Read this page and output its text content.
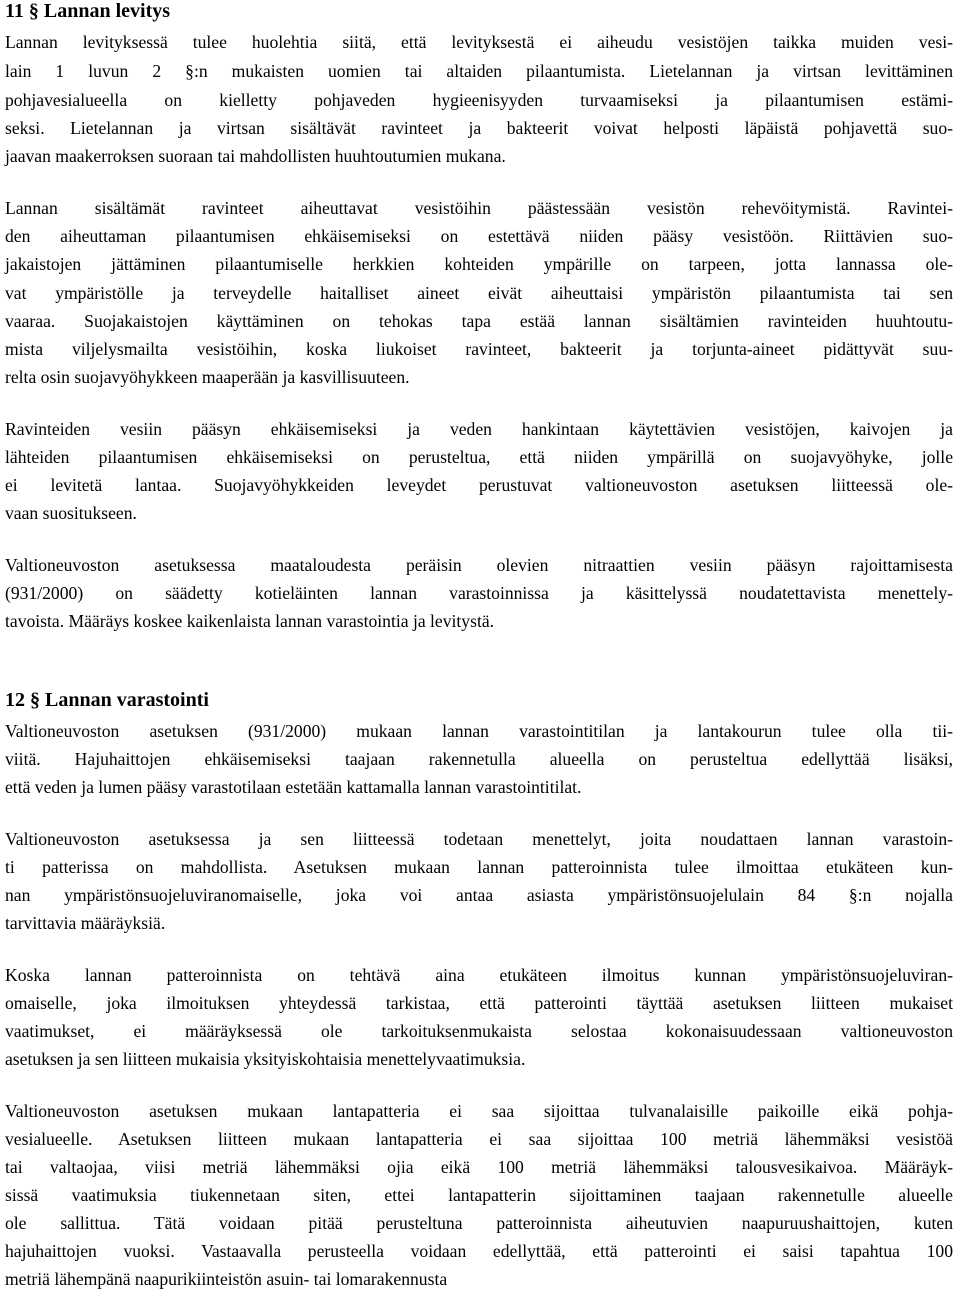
11 § Lannan levitys
Lannan levityksessä tulee huolehtia siitä, että levityksestä ei aiheudu vesistöjen taikka muiden vesi-
lain 1 luvun 2 §:n mukaisten uomien tai altaiden pilaantumista. Lietelannan ja virtsan levittäminen
pohjavesialueella on kielletty pohjaveden hygieenisyyden turvaamiseksi ja pilaantumisen estämi-
seksi. Lietelannan ja virtsan sisältävät ravinteet ja bakteerit voivat helposti läpäistä pohjavettä suo-
jaavan maakerroksen suoraan tai mahdollisten huuhtoutumien mukana.
Lannan sisältämät ravinteet aiheuttavat vesistöihin päästessään vesistön rehevöitymistä. Ravintei-
den aiheuttaman pilaantumisen ehkäisemiseksi on estettävä niiden pääsy vesistöön. Riittävien suo-
jakaistojen jättäminen pilaantumiselle herkkien kohteiden ympärille on tarpeen, jotta lannassa ole-
vat ympäristölle ja terveydelle haitalliset aineet eivät aiheuttaisi ympäristön pilaantumista tai sen
vaaraa. Suojakaistojen käyttäminen on tehokas tapa estää lannan sisältämien ravinteiden huuhtoutu-
mista viljelysmailta vesistöihin, koska liukoiset ravinteet, bakteerit ja torjunta-aineet pidättyvät suu-
relta osin suojavyöhykkeen maaperään ja kasvillisuuteen.
Ravinteiden vesiin pääsyn ehkäisemiseksi ja veden hankintaan käytettävien vesistöjen, kaivojen ja
lähteiden pilaantumisen ehkäisemiseksi on perusteltua, että niiden ympärillä on suojavyöhyke, jolle
ei levitetä lantaa. Suojavyöhykkeiden leveydet perustuvat valtioneuvoston asetuksen liitteessä ole-
vaan suositukseen.
Valtioneuvoston asetuksessa maataloudesta peräisin olevien nitraattien vesiin pääsyn rajoittamisesta
(931/2000) on säädetty kotieläinten lannan varastoinnissa ja käsittelyssä noudatettavista menettely-
tavoista. Määräys koskee kaikenlaista lannan varastointia ja levitystä.
12 § Lannan varastointi
Valtioneuvoston asetuksen (931/2000) mukaan lannan varastointitilan ja lantakourun tulee olla tii-
viitä. Hajuhaittojen ehkäisemiseksi taajaan rakennetulla alueella on perusteltua edellyttää lisäksi,
että veden ja lumen pääsy varastotilaan estetään kattamalla lannan varastointitilat.
Valtioneuvoston asetuksessa ja sen liitteessä todetaan menettelyt, joita noudattaen lannan varastoin-
ti patterissa on mahdollista. Asetuksen mukaan lannan patteroinnista tulee ilmoittaa etukäteen kun-
nan ympäristönsuojeluviranomaiselle, joka voi antaa asiasta ympäristönsuojelulain 84 §:n nojalla
tarvittavia määräyksiä.
Koska lannan patteroinnista on tehtävä aina etukäteen ilmoitus kunnan ympäristönsuojeluviran-
omaiselle, joka ilmoituksen yhteydessä tarkistaa, että patterointi täyttää asetuksen liitteen mukaiset
vaatimukset, ei määräyksessä ole tarkoituksenmukaista selostaa kokonaisuudessaan valtioneuvoston
asetuksen ja sen liitteen mukaisia yksityiskohtaisia menettelyvaatimuksia.
Valtioneuvoston asetuksen mukaan lantapatteria ei saa sijoittaa tulvanalaisille paikoille eikä pohja-
vesialueelle. Asetuksen liitteen mukaan lantapatteria ei saa sijoittaa 100 metriä lähemmäksi vesistöä
tai valtaojaa, viisi metriä lähemmäksi ojia eikä 100 metriä lähemmäksi talousvesikaivoa. Määräyk-
sissä vaatimuksia tiukennetaan siten, ettei lantapatterin sijoittaminen taajaan rakennetulle alueelle
ole sallittua. Tätä voidaan pitää perusteltuna patteroinnista aiheutuvien naapuruushaittojen, kuten
hajuhaittojen vuoksi. Vastaavalla perusteella voidaan edellyttää, että patterointi ei saisi tapahtua 100
metriä lähempänä naapurikiinteistön asuin- tai lomarakennusta
